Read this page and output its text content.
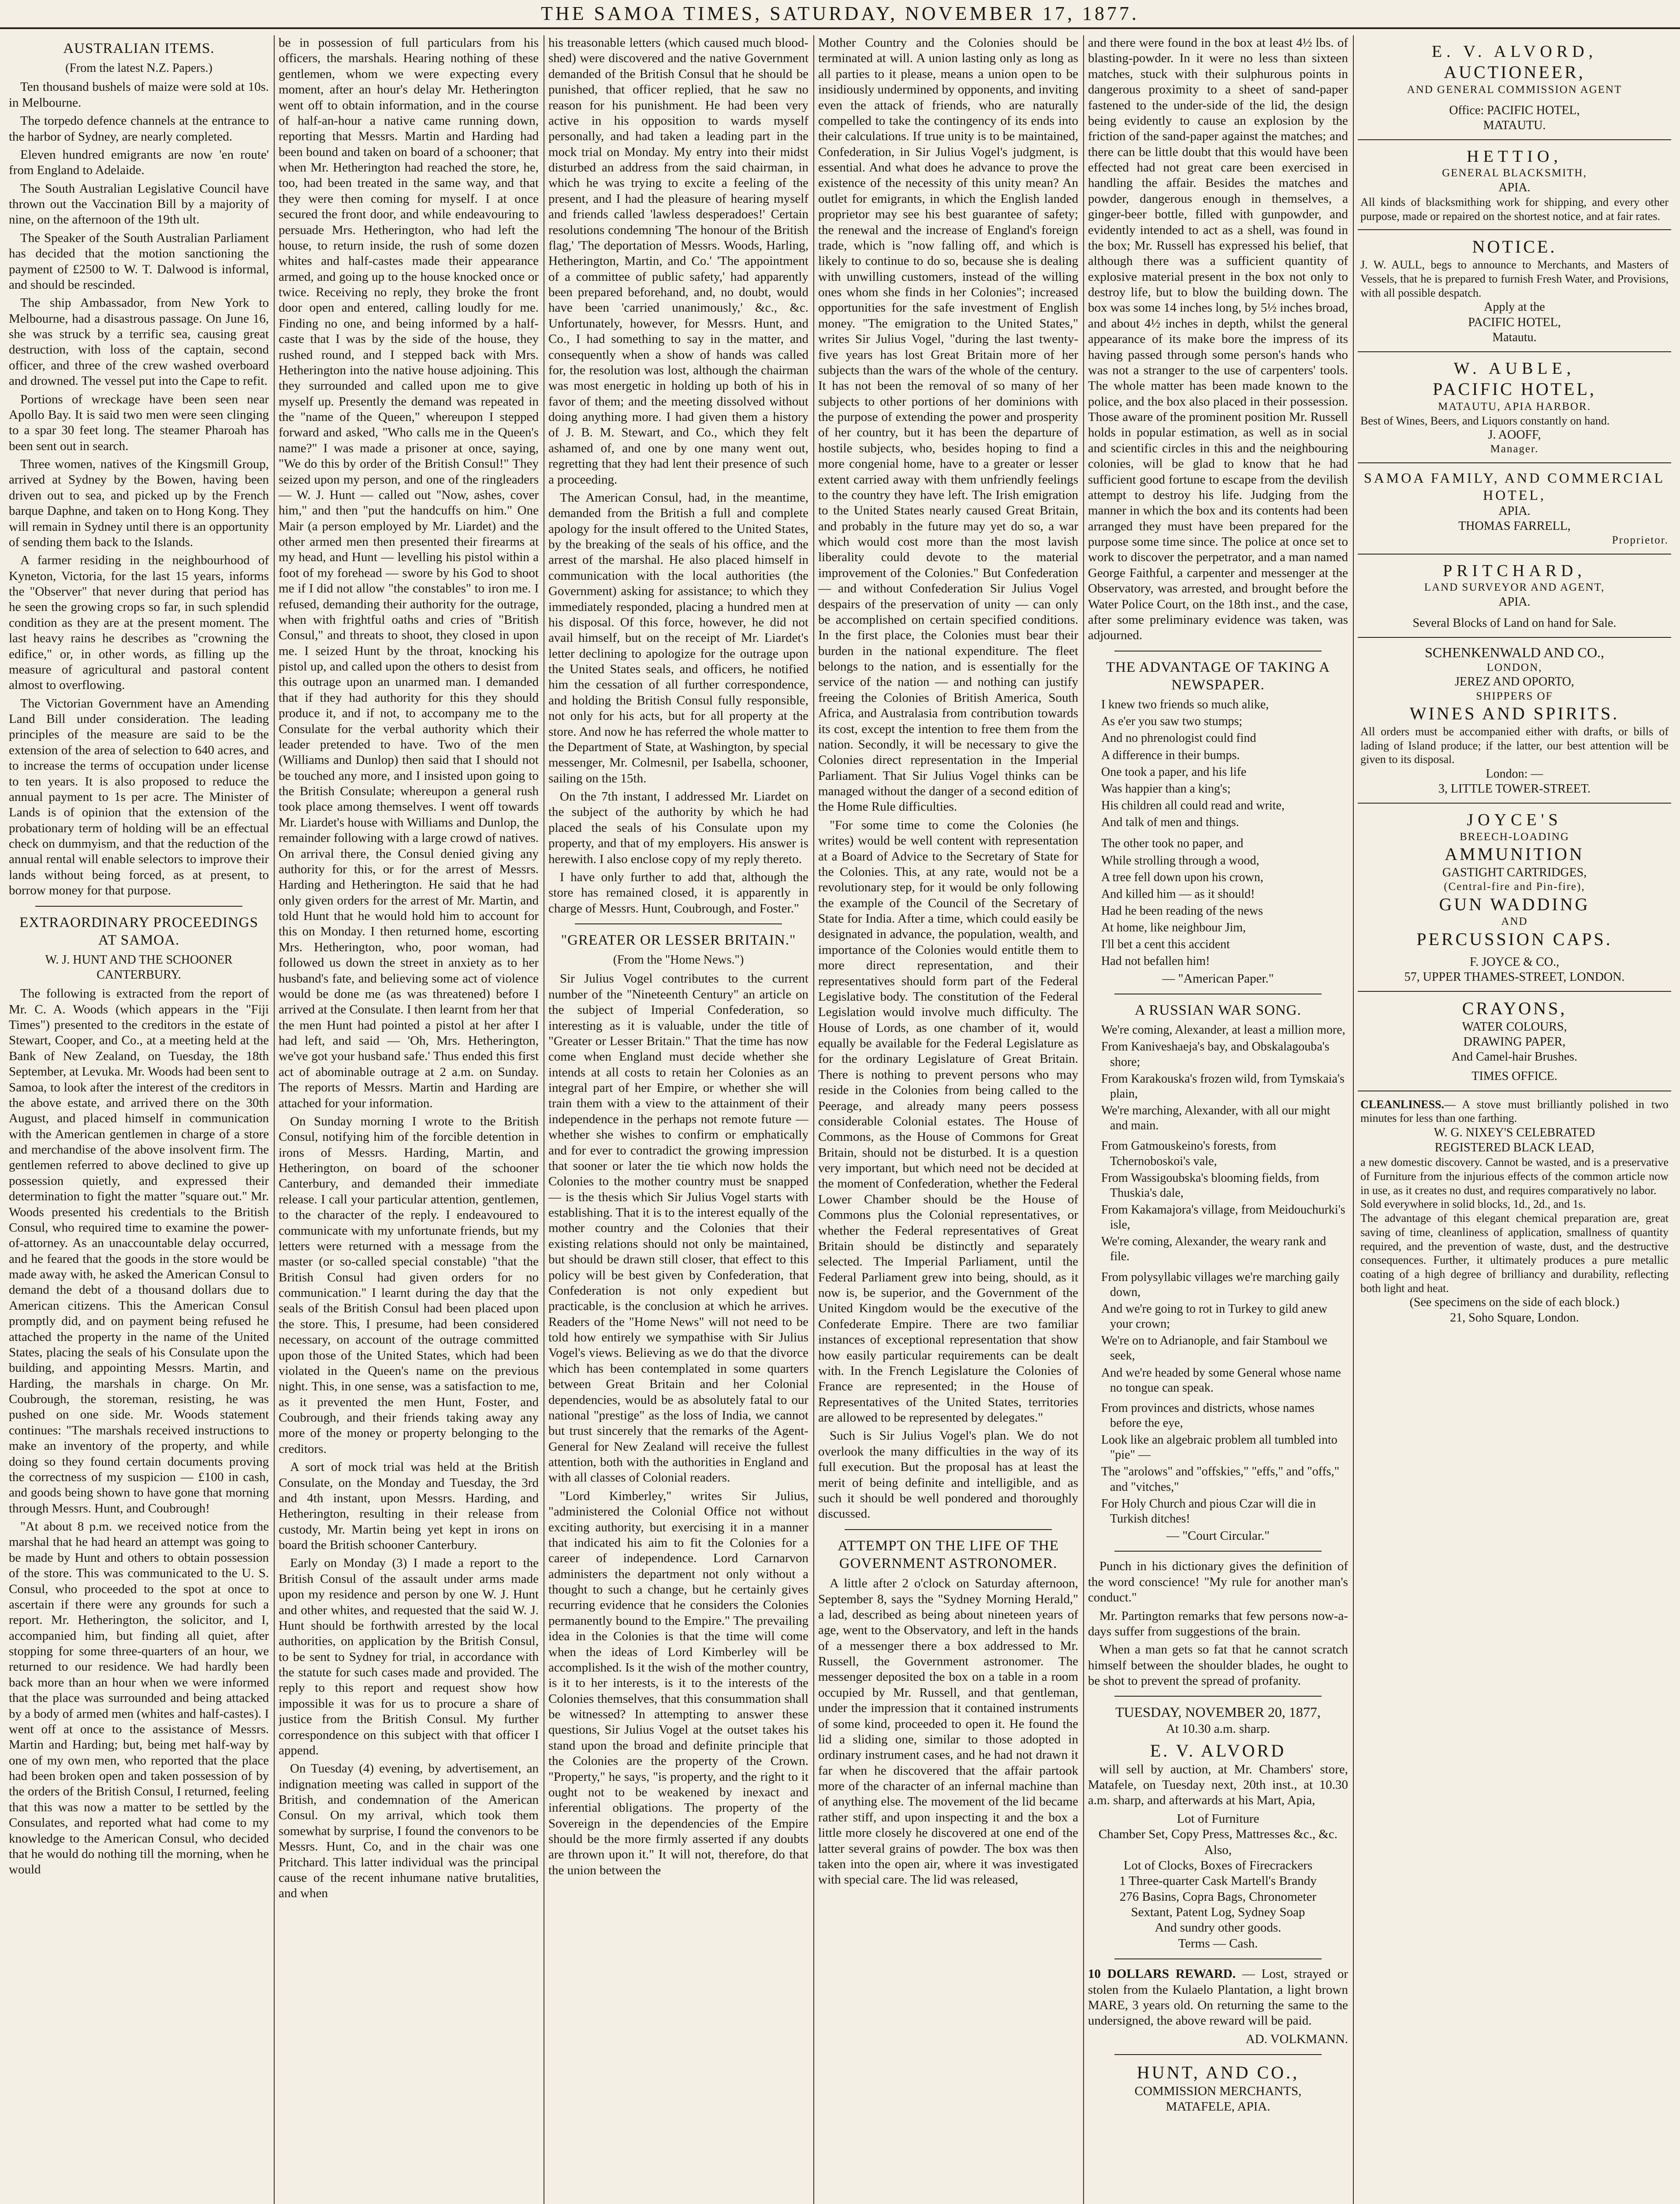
THE SAMOA TIMES, SATURDAY, NOVEMBER 17, 1877.
AUSTRALIAN ITEMS.
(From the latest N.Z. Papers.)

Ten thousand bushels of maize were sold at 10s. in Melbourne.

The torpedo defence channels at the entrance to the harbor of Sydney, are nearly completed.

Eleven hundred emigrants are now 'en route' from England to Adelaide.

The South Australian Legislative Council have thrown out the Vaccination Bill by a majority of nine, on the afternoon of the 19th ult.

The Speaker of the South Australian Parliament has decided that the motion sanctioning the payment of £2500 to W. T. Dalwood is informal, and should be rescinded.

The ship Ambassador, from New York to Melbourne, had a disastrous passage. On June 16, she was struck by a terrific sea, causing great destruction, with loss of the captain, second officer, and three of the crew washed overboard and drowned. The vessel put into the Cape to refit.

Portions of wreckage have been seen near Apollo Bay. It is said two men were seen clinging to a spar 30 feet long. The steamer Pharoah has been sent out in search.

Three women, natives of the Kingsmill Group, arrived at Sydney by the Bowen, having been driven out to sea, and picked up by the French barque Daphne, and taken on to Hong Kong. They will remain in Sydney until there is an opportunity of sending them back to the Islands.

A farmer residing in the neighbourhood of Kyneton, Victoria, for the last 15 years, informs the "Observer" that never during that period has he seen the growing crops so far, in such splendid condition as they are at the present moment. The last heavy rains he describes as "crowning the edifice," or, in other words, as filling up the measure of agricultural and pastoral content almost to overflowing.

The Victorian Government have an Amending Land Bill under consideration. The leading principles of the measure are said to be the extension of the area of selection to 640 acres, and to increase the terms of occupation under license to ten years. It is also proposed to reduce the annual payment to 1s per acre. The Minister of Lands is of opinion that the extension of the probationary term of holding will be an effectual check on dummyism, and that the reduction of the annual rental will enable selectors to improve their lands without being forced, as at present, to borrow money for that purpose.

EXTRAORDINARY PROCEEDINGS AT SAMOA.
W. J. HUNT AND THE SCHOONER CANTERBURY.

The following is extracted from the report of Mr. C. A. Woods (which appears in the "Fiji Times") presented to the creditors in the estate of Stewart, Cooper, and Co., at a meeting held at the Bank of New Zealand, on Tuesday, the 18th September, at Levuka. Mr. Woods had been sent to Samoa, to look after the interest of the creditors in the above estate, and arrived there on the 30th August, and placed himself in communication with the American gentlemen in charge of a store and merchandise of the above insolvent firm. The gentlemen referred to above declined to give up possession quietly, and expressed their determination to fight the matter "square out." Mr. Woods presented his credentials to the British Consul, who required time to examine the power-of-attorney. As an unaccountable delay occurred, and he feared that the goods in the store would be made away with, he asked the American Consul to demand the debt of a thousand dollars due to American citizens. This the American Consul promptly did, and on payment being refused he attached the property in the name of the United States, placing the seals of his Consulate upon the building, and appointing Messrs. Martin, and Harding, the marshals in charge. On Mr. Coubrough, the storeman, resisting, he was pushed on one side. Mr. Woods statement continues: "The marshals received instructions to make an inventory of the property, and while doing so they found certain documents proving the correctness of my suspicion — £100 in cash, and goods being shown to have gone that morning through Messrs. Hunt, and Coubrough!

"At about 8 p.m. we received notice from the marshal that he had heard an attempt was going to be made by Hunt and others to obtain possession of the store. This was communicated to the U. S. Consul, who proceeded to the spot at once to ascertain if there were any grounds for such a report. Mr. Hetherington, the solicitor, and I, accompanied him, but finding all quiet, after stopping for some three-quarters of an hour, we returned to our residence. We had hardly been back more than an hour when we were informed that the place was surrounded and being attacked by a body of armed men (whites and half-castes). I went off at once to the assistance of Messrs. Martin and Harding; but, being met half-way by one of my own men, who reported that the place had been broken open and taken possession of by the orders of the British Consul, I returned, feeling that this was now a matter to be settled by the Consulates, and reported what had come to my knowledge to the American Consul, who decided that he would do nothing till the morning, when he would

be in possession of full particulars from his officers, the marshals. Hearing nothing of these gentlemen, whom we were expecting every moment, after an hour's delay Mr. Hetherington went off to obtain information, and in the course of half-an-hour a native came running down, reporting that Messrs. Martin and Harding had been bound and taken on board of a schooner; that when Mr. Hetherington had reached the store, he, too, had been treated in the same way, and that they were then coming for myself. I at once secured the front door, and while endeavouring to persuade Mrs. Hetherington, who had left the house, to return inside, the rush of some dozen whites and half-castes made their appearance armed, and going up to the house knocked once or twice. Receiving no reply, they broke the front door open and entered, calling loudly for me. Finding no one, and being informed by a half-caste that I was by the side of the house, they rushed round, and I stepped back with Mrs. Hetherington into the native house adjoining. This they surrounded and called upon me to give myself up. Presently the demand was repeated in the "name of the Queen," whereupon I stepped forward and asked, "Who calls me in the Queen's name?" I was made a prisoner at once, saying, "We do this by order of the British Consul!" They seized upon my person, and one of the ringleaders — W. J. Hunt — called out "Now, ashes, cover him," and then "put the handcuffs on him." One Mair (a person employed by Mr. Liardet) and the other armed men then presented their firearms at my head, and Hunt — levelling his pistol within a foot of my forehead — swore by his God to shoot me if I did not allow "the constables" to iron me. I refused, demanding their authority for the outrage, when with frightful oaths and cries of "British Consul," and threats to shoot, they closed in upon me. I seized Hunt by the throat, knocking his pistol up, and called upon the others to desist from this outrage upon an unarmed man. I demanded that if they had authority for this they should produce it, and if not, to accompany me to the Consulate for the verbal authority which their leader pretended to have. Two of the men (Williams and Dunlop) then said that I should not be touched any more, and I insisted upon going to the British Consulate; whereupon a general rush took place among themselves. I went off towards Mr. Liardet's house with Williams and Dunlop, the remainder following with a large crowd of natives. On arrival there, the Consul denied giving any authority for this, or for the arrest of Messrs. Harding and Hetherington. He said that he had only given orders for the arrest of Mr. Martin, and told Hunt that he would hold him to account for this on Monday. I then returned home, escorting Mrs. Hetherington, who, poor woman, had followed us down the street in anxiety as to her husband's fate, and believing some act of violence would be done me (as was threatened) before I arrived at the Consulate. I then learnt from her that the men Hunt had pointed a pistol at her after I had left, and said — 'Oh, Mrs. Hetherington, we've got your husband safe.' Thus ended this first act of abominable outrage at 2 a.m. on Sunday. The reports of Messrs. Martin and Harding are attached for your information.

On Sunday morning I wrote to the British Consul, notifying him of the forcible detention in irons of Messrs. Harding, Martin, and Hetherington, on board of the schooner Canterbury, and demanded their immediate release. I call your particular attention, gentlemen, to the character of the reply. I endeavoured to communicate with my unfortunate friends, but my letters were returned with a message from the master (or so-called special constable) "that the British Consul had given orders for no communication." I learnt during the day that the seals of the British Consul had been placed upon the store. This, I presume, had been considered necessary, on account of the outrage committed upon those of the United States, which had been violated in the Queen's name on the previous night. This, in one sense, was a satisfaction to me, as it prevented the men Hunt, Foster, and Coubrough, and their friends taking away any more of the money or property belonging to the creditors.

A sort of mock trial was held at the British Consulate, on the Monday and Tuesday, the 3rd and 4th instant, upon Messrs. Harding, and Hetherington, resulting in their release from custody, Mr. Martin being yet kept in irons on board the British schooner Canterbury.

Early on Monday (3) I made a report to the British Consul of the assault under arms made upon my residence and person by one W. J. Hunt and other whites, and requested that the said W. J. Hunt should be forthwith arrested by the local authorities, on application by the British Consul, to be sent to Sydney for trial, in accordance with the statute for such cases made and provided. The reply to this report and request show how impossible it was for us to procure a share of justice from the British Consul. My further correspondence on this subject with that officer I append.

On Tuesday (4) evening, by advertisement, an indignation meeting was called in support of the British, and condemnation of the American Consul. On my arrival, which took them somewhat by surprise, I found the convenors to be Messrs. Hunt, Co, and in the chair was one Pritchard. This latter individual was the principal cause of the recent inhumane native brutalities, and when

his treasonable letters (which caused much blood-shed) were discovered and the native Government demanded of the British Consul that he should be punished, that officer replied, that he saw no reason for his punishment. He had been very active in his opposition to wards myself personally, and had taken a leading part in the mock trial on Monday. My entry into their midst disturbed an address from the said chairman, in which he was trying to excite a feeling of the present, and I had the pleasure of hearing myself and friends called 'lawless desperadoes!' Certain resolutions condemning 'The honour of the British flag,' 'The deportation of Messrs. Woods, Harling, Hetherington, Martin, and Co.' 'The appointment of a committee of public safety,' had apparently been prepared beforehand, and, no doubt, would have been 'carried unanimously,' &c., &c. Unfortunately, however, for Messrs. Hunt, and Co., I had something to say in the matter, and consequently when a show of hands was called for, the resolution was lost, although the chairman was most energetic in holding up both of his in favor of them; and the meeting dissolved without doing anything more. I had given them a history of J. B. M. Stewart, and Co., which they felt ashamed of, and one by one many went out, regretting that they had lent their presence of such a proceeding.

The American Consul, had, in the meantime, demanded from the British a full and complete apology for the insult offered to the United States, by the breaking of the seals of his office, and the arrest of the marshal. He also placed himself in communication with the local authorities (the Government) asking for assistance; to which they immediately responded, placing a hundred men at his disposal. Of this force, however, he did not avail himself, but on the receipt of Mr. Liardet's letter declining to apologize for the outrage upon the United States seals, and officers, he notified him the cessation of all further correspondence, and holding the British Consul fully responsible, not only for his acts, but for all property at the store. And now he has referred the whole matter to the Department of State, at Washington, by special messenger, Mr. Colmesnil, per Isabella, schooner, sailing on the 15th.

On the 7th instant, I addressed Mr. Liardet on the subject of the authority by which he had placed the seals of his Consulate upon my property, and that of my employers. His answer is herewith. I also enclose copy of my reply thereto.

I have only further to add that, although the store has remained closed, it is apparently in charge of Messrs. Hunt, Coubrough, and Foster."

"GREATER OR LESSER BRITAIN."
(From the "Home News.")

Sir Julius Vogel contributes to the current number of the "Nineteenth Century" an article on the subject of Imperial Confederation, so interesting as it is valuable, under the title of "Greater or Lesser Britain." That the time has now come when England must decide whether she intends at all costs to retain her Colonies as an integral part of her Empire, or whether she will train them with a view to the attainment of their independence in the perhaps not remote future — whether she wishes to confirm or emphatically and for ever to contradict the growing impression that sooner or later the tie which now holds the Colonies to the mother country must be snapped — is the thesis which Sir Julius Vogel starts with establishing. That it is to the interest equally of the mother country and the Colonies that their existing relations should not only be maintained, but should be drawn still closer, that effect to this policy will be best given by Confederation, that Confederation is not only expedient but practicable, is the conclusion at which he arrives. Readers of the "Home News" will not need to be told how entirely we sympathise with Sir Julius Vogel's views. Believing as we do that the divorce which has been contemplated in some quarters between Great Britain and her Colonial dependencies, would be as absolutely fatal to our national "prestige" as the loss of India, we cannot but trust sincerely that the remarks of the Agent-General for New Zealand will receive the fullest attention, both with the authorities in England and with all classes of Colonial readers.

"Lord Kimberley," writes Sir Julius, "administered the Colonial Office not without exciting authority, but exercising it in a manner that indicated his aim to fit the Colonies for a career of independence. Lord Carnarvon administers the department not only without a thought to such a change, but he certainly gives recurring evidence that he considers the Colonies permanently bound to the Empire." The prevailing idea in the Colonies is that the time will come when the ideas of Lord Kimberley will be accomplished. Is it the wish of the mother country, is it to her interests, is it to the interests of the Colonies themselves, that this consummation shall be witnessed? In attempting to answer these questions, Sir Julius Vogel at the outset takes his stand upon the broad and definite principle that the Colonies are the property of the Crown. "Property," he says, "is property, and the right to it ought not to be weakened by inexact and inferential obligations. The property of the Sovereign in the dependencies of the Empire should be the more firmly asserted if any doubts are thrown upon it." It will not, therefore, do that the union between the

Mother Country and the Colonies should be terminated at will. A union lasting only as long as all parties to it please, means a union open to be insidiously undermined by opponents, and inviting even the attack of friends, who are naturally compelled to take the contingency of its ends into their calculations. If true unity is to be maintained, Confederation, in Sir Julius Vogel's judgment, is essential. And what does he advance to prove the existence of the necessity of this unity mean? An outlet for emigrants, in which the English landed proprietor may see his best guarantee of safety; the renewal and the increase of England's foreign trade, which is "now falling off, and which is likely to continue to do so, because she is dealing with unwilling customers, instead of the willing ones whom she finds in her Colonies"; increased opportunities for the safe investment of English money. "The emigration to the United States," writes Sir Julius Vogel, "during the last twenty-five years has lost Great Britain more of her subjects than the wars of the whole of the century. It has not been the removal of so many of her subjects to other portions of her dominions with the purpose of extending the power and prosperity of her country, but it has been the departure of hostile subjects, who, besides hoping to find a more congenial home, have to a greater or lesser extent carried away with them unfriendly feelings to the country they have left. The Irish emigration to the United States nearly caused Great Britain, and probably in the future may yet do so, a war which would cost more than the most lavish liberality could devote to the material improvement of the Colonies." But Confederation — and without Confederation Sir Julius Vogel despairs of the preservation of unity — can only be accomplished on certain specified conditions. In the first place, the Colonies must bear their burden in the national expenditure. The fleet belongs to the nation, and is essentially for the service of the nation — and nothing can justify freeing the Colonies of British America, South Africa, and Australasia from contribution towards its cost, except the intention to free them from the nation. Secondly, it will be necessary to give the Colonies direct representation in the Imperial Parliament. That Sir Julius Vogel thinks can be managed without the danger of a second edition of the Home Rule difficulties.

"For some time to come the Colonies (he writes) would be well content with representation at a Board of Advice to the Secretary of State for the Colonies. This, at any rate, would not be a revolutionary step, for it would be only following the example of the Council of the Secretary of State for India. After a time, which could easily be designated in advance, the population, wealth, and importance of the Colonies would entitle them to more direct representation, and their representatives should form part of the Federal Legislative body. The constitution of the Federal Legislation would involve much difficulty. The House of Lords, as one chamber of it, would equally be available for the Federal Legislature as for the ordinary Legislature of Great Britain. There is nothing to prevent persons who may reside in the Colonies from being called to the Peerage, and already many peers possess considerable Colonial estates. The House of Commons, as the House of Commons for Great Britain, should not be disturbed. It is a question very important, but which need not be decided at the moment of Confederation, whether the Federal Lower Chamber should be the House of Commons plus the Colonial representatives, or whether the Federal representatives of Great Britain should be distinctly and separately selected. The Imperial Parliament, until the Federal Parliament grew into being, should, as it now is, be superior, and the Government of the United Kingdom would be the executive of the Confederate Empire. There are two familiar instances of exceptional representation that show how easily particular requirements can be dealt with. In the French Legislature the Colonies of France are represented; in the House of Representatives of the United States, territories are allowed to be represented by delegates."

Such is Sir Julius Vogel's plan. We do not overlook the many difficulties in the way of its full execution. But the proposal has at least the merit of being definite and intelligible, and as such it should be well pondered and thoroughly discussed.

ATTEMPT ON THE LIFE OF THE GOVERNMENT ASTRONOMER.

A little after 2 o'clock on Saturday afternoon, September 8, says the "Sydney Morning Herald," a lad, described as being about nineteen years of age, went to the Observatory, and left in the hands of a messenger there a box addressed to Mr. Russell, the Government astronomer. The messenger deposited the box on a table in a room occupied by Mr. Russell, and that gentleman, under the impression that it contained instruments of some kind, proceeded to open it. He found the lid a sliding one, similar to those adopted in ordinary instrument cases, and he had not drawn it far when he discovered that the affair partook more of the character of an infernal machine than of anything else. The movement of the lid became rather stiff, and upon inspecting it and the box a little more closely he discovered at one end of the latter several grains of powder. The box was then taken into the open air, where it was investigated with special care. The lid was released,

and there were found in the box at least 4½ lbs. of blasting-powder. In it were no less than sixteen matches, stuck with their sulphurous points in dangerous proximity to a sheet of sand-paper fastened to the under-side of the lid, the design being evidently to cause an explosion by the friction of the sand-paper against the matches; and there can be little doubt that this would have been effected had not great care been exercised in handling the affair. Besides the matches and powder, dangerous enough in themselves, a ginger-beer bottle, filled with gunpowder, and evidently intended to act as a shell, was found in the box; Mr. Russell has expressed his belief, that although there was a sufficient quantity of explosive material present in the box not only to destroy life, but to blow the building down. The box was some 14 inches long, by 5½ inches broad, and about 4½ inches in depth, whilst the general appearance of its make bore the impress of its having passed through some person's hands who was not a stranger to the use of carpenters' tools. The whole matter has been made known to the police, and the box also placed in their possession. Those aware of the prominent position Mr. Russell holds in popular estimation, as well as in social and scientific circles in this and the neighbouring colonies, will be glad to know that he had sufficient good fortune to escape from the devilish attempt to destroy his life. Judging from the manner in which the box and its contents had been arranged they must have been prepared for the purpose some time since. The police at once set to work to discover the perpetrator, and a man named George Faithful, a carpenter and messenger at the Observatory, was arrested, and brought before the Water Police Court, on the 18th inst., and the case, after some preliminary evidence was taken, was adjourned.

THE ADVANTAGE OF TAKING A NEWSPAPER.
I knew two friends so much alike,
As e'er you saw two stumps;
And no phrenologist could find
A difference in their bumps.
One took a paper, and his life
Was happier than a king's;
His children all could read and write,
And talk of men and things.
The other took no paper, and
While strolling through a wood,
A tree fell down upon his crown,
And killed him — as it should!
Had he been reading of the news
At home, like neighbour Jim,
I'll bet a cent this accident
Had not befallen him!
— "American Paper."
A RUSSIAN WAR SONG.
We're coming, Alexander, at least a million more,
From Kaniveshaeja's bay, and Obskalagouba's shore;
From Karakouska's frozen wild, from Tymskaia's plain,
We're marching, Alexander, with all our might and main.
From Gatmouskeino's forests, from Tchernoboskoi's vale,
From Wassigoubska's blooming fields, from Thuskia's dale,
From Kakamajora's village, from Meidouchurki's isle,
We're coming, Alexander, the weary rank and file.
From polysyllabic villages we're marching gaily down,
And we're going to rot in Turkey to gild anew your crown;
We're on to Adrianople, and fair Stamboul we seek,
And we're headed by some General whose name no tongue can speak.
From provinces and districts, whose names before the eye,
Look like an algebraic problem all tumbled into "pie" —
The "arolows" and "offskies," "effs," and "offs," and "vitches,"
For Holy Church and pious Czar will die in Turkish ditches!
— "Court Circular."

Punch in his dictionary gives the definition of the word conscience! "My rule for another man's conduct."

Mr. Partington remarks that few persons now-a-days suffer from suggestions of the brain.

When a man gets so fat that he cannot scratch himself between the shoulder blades, he ought to be shot to prevent the spread of profanity.

TUESDAY, NOVEMBER 20, 1877,
At 10.30 a.m. sharp.
E. V. ALVORD

will sell by auction, at Mr. Chambers' store, Matafele, on Tuesday next, 20th inst., at 10.30 a.m. sharp, and afterwards at his Mart, Apia,

Lot of Furniture
Chamber Set, Copy Press, Mattresses &c., &c.
Also,
Lot of Clocks, Boxes of Firecrackers
1 Three-quarter Cask Martell's Brandy
276 Basins, Copra Bags, Chronometer
Sextant, Patent Log, Sydney Soap
And sundry other goods.
Terms — Cash.

10 DOLLARS REWARD. — Lost, strayed or stolen from the Kulaelo Plantation, a light brown MARE, 3 years old. On returning the same to the undersigned, the above reward will be paid.

AD. VOLKMANN.
HUNT, AND CO.,
COMMISSION MERCHANTS,
MATAFELE, APIA.
E. V. ALVORD,
AUCTIONEER,
AND GENERAL COMMISSION AGENT
Office: PACIFIC HOTEL,
MATAUTU.
HETTIO,
GENERAL BLACKSMITH,
APIA.
All kinds of blacksmithing work for shipping, and every other purpose, made or repaired on the shortest notice, and at fair rates.
NOTICE.
J. W. AULL, begs to announce to Merchants, and Masters of Vessels, that he is prepared to furnish Fresh Water, and Provisions, with all possible despatch.
Apply at the
PACIFIC HOTEL,
Matautu.
W. AUBLE,
PACIFIC HOTEL,
MATAUTU, APIA HARBOR.
Best of Wines, Beers, and Liquors constantly on hand.
J. AOOFF,
Manager.
SAMOA FAMILY, AND COMMERCIAL HOTEL,
APIA.
THOMAS FARRELL,
Proprietor.
PRITCHARD,
LAND SURVEYOR AND AGENT,
APIA.
Several Blocks of Land on hand for Sale.
SCHENKENWALD AND CO.,
LONDON,
JEREZ AND OPORTO,
SHIPPERS OF
WINES AND SPIRITS.
All orders must be accompanied either with drafts, or bills of lading of Island produce; if the latter, our best attention will be given to its disposal.
London: —
3, LITTLE TOWER-STREET.
JOYCE'S
BREECH-LOADING
AMMUNITION
GASTIGHT CARTRIDGES,
(Central-fire and Pin-fire),
GUN WADDING
AND
PERCUSSION CAPS.
F. JOYCE & CO.,
57, UPPER THAMES-STREET, LONDON.
CRAYONS,
WATER COLOURS,
DRAWING PAPER,
And Camel-hair Brushes.
TIMES OFFICE.
CLEANLINESS.— A stove must brilliantly polished in two minutes for less than one farthing.
W. G. NIXEY'S CELEBRATED
REGISTERED BLACK LEAD,
a new domestic discovery. Cannot be wasted, and is a preservative of Furniture from the injurious effects of the common article now in use, as it creates no dust, and requires comparatively no labor.
Sold everywhere in solid blocks, 1d., 2d., and 1s.
The advantage of this elegant chemical preparation are, great saving of time, cleanliness of application, smallness of quantity required, and the prevention of waste, dust, and the destructive consequences. Further, it ultimately produces a pure metallic coating of a high degree of brilliancy and durability, reflecting both light and heat.
(See specimens on the side of each block.)
21, Soho Square, London.
